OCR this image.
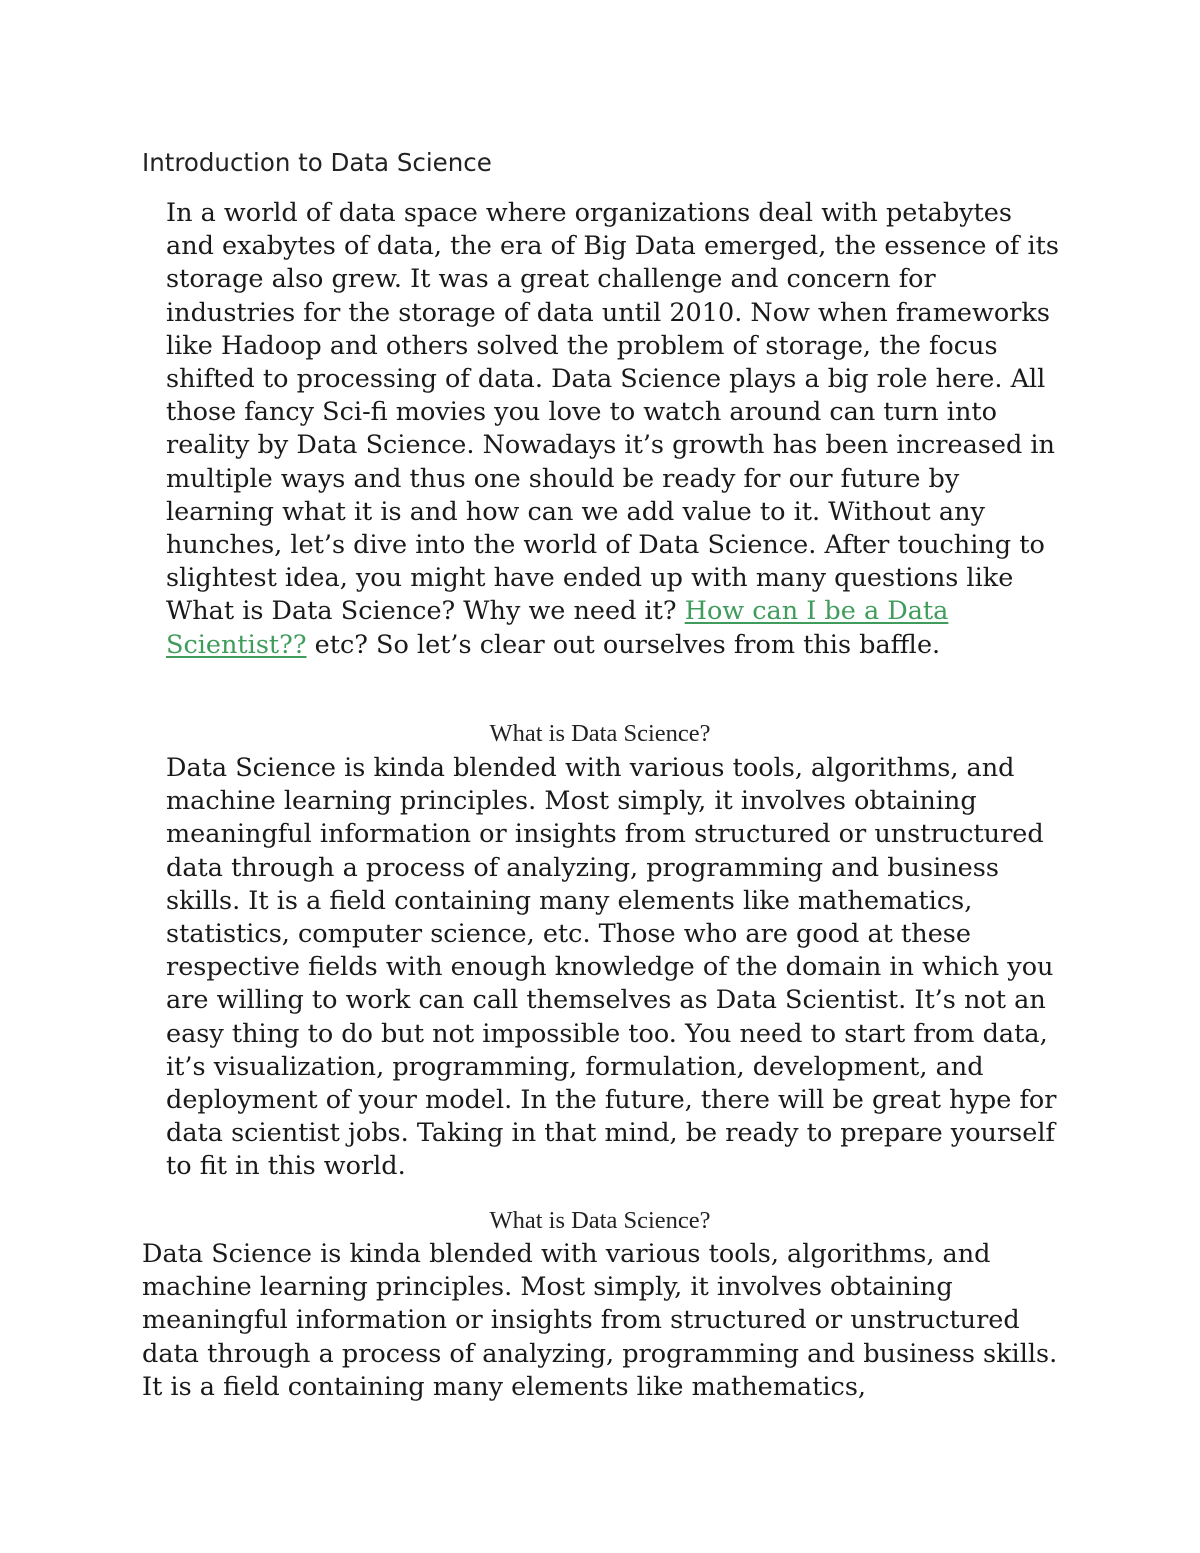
Introduction to Data Science

In a world of data space where organizations deal with petabytes and exabytes of data, the era of Big Data emerged, the essence of its storage also grew. It was a great challenge and concern for industries for the storage of data until 2010. Now when frameworks like Hadoop and others solved the problem of storage, the focus shifted to processing of data. Data Science plays a big role here. All those fancy Sci-fi movies you love to watch around can turn into reality by Data Science. Nowadays it’s growth has been increased in multiple ways and thus one should be ready for our future by learning what it is and how can we add value to it. Without any hunches, let’s dive into the world of Data Science. After touching to slightest idea, you might have ended up with many questions like What is Data Science? Why we need it? How can I be a Data Scientist?? etc? So let’s clear out ourselves from this baffle.

What is Data Science?

Data Science is kinda blended with various tools, algorithms, and machine learning principles. Most simply, it involves obtaining meaningful information or insights from structured or unstructured data through a process of analyzing, programming and business skills. It is a field containing many elements like mathematics, statistics, computer science, etc. Those who are good at these respective fields with enough knowledge of the domain in which you are willing to work can call themselves as Data Scientist. It’s not an easy thing to do but not impossible too. You need to start from data, it’s visualization, programming, formulation, development, and deployment of your model. In the future, there will be great hype for data scientist jobs. Taking in that mind, be ready to prepare yourself to fit in this world.

What is Data Science?

Data Science is kinda blended with various tools, algorithms, and machine learning principles. Most simply, it involves obtaining meaningful information or insights from structured or unstructured data through a process of analyzing, programming and business skills. It is a field containing many elements like mathematics,
